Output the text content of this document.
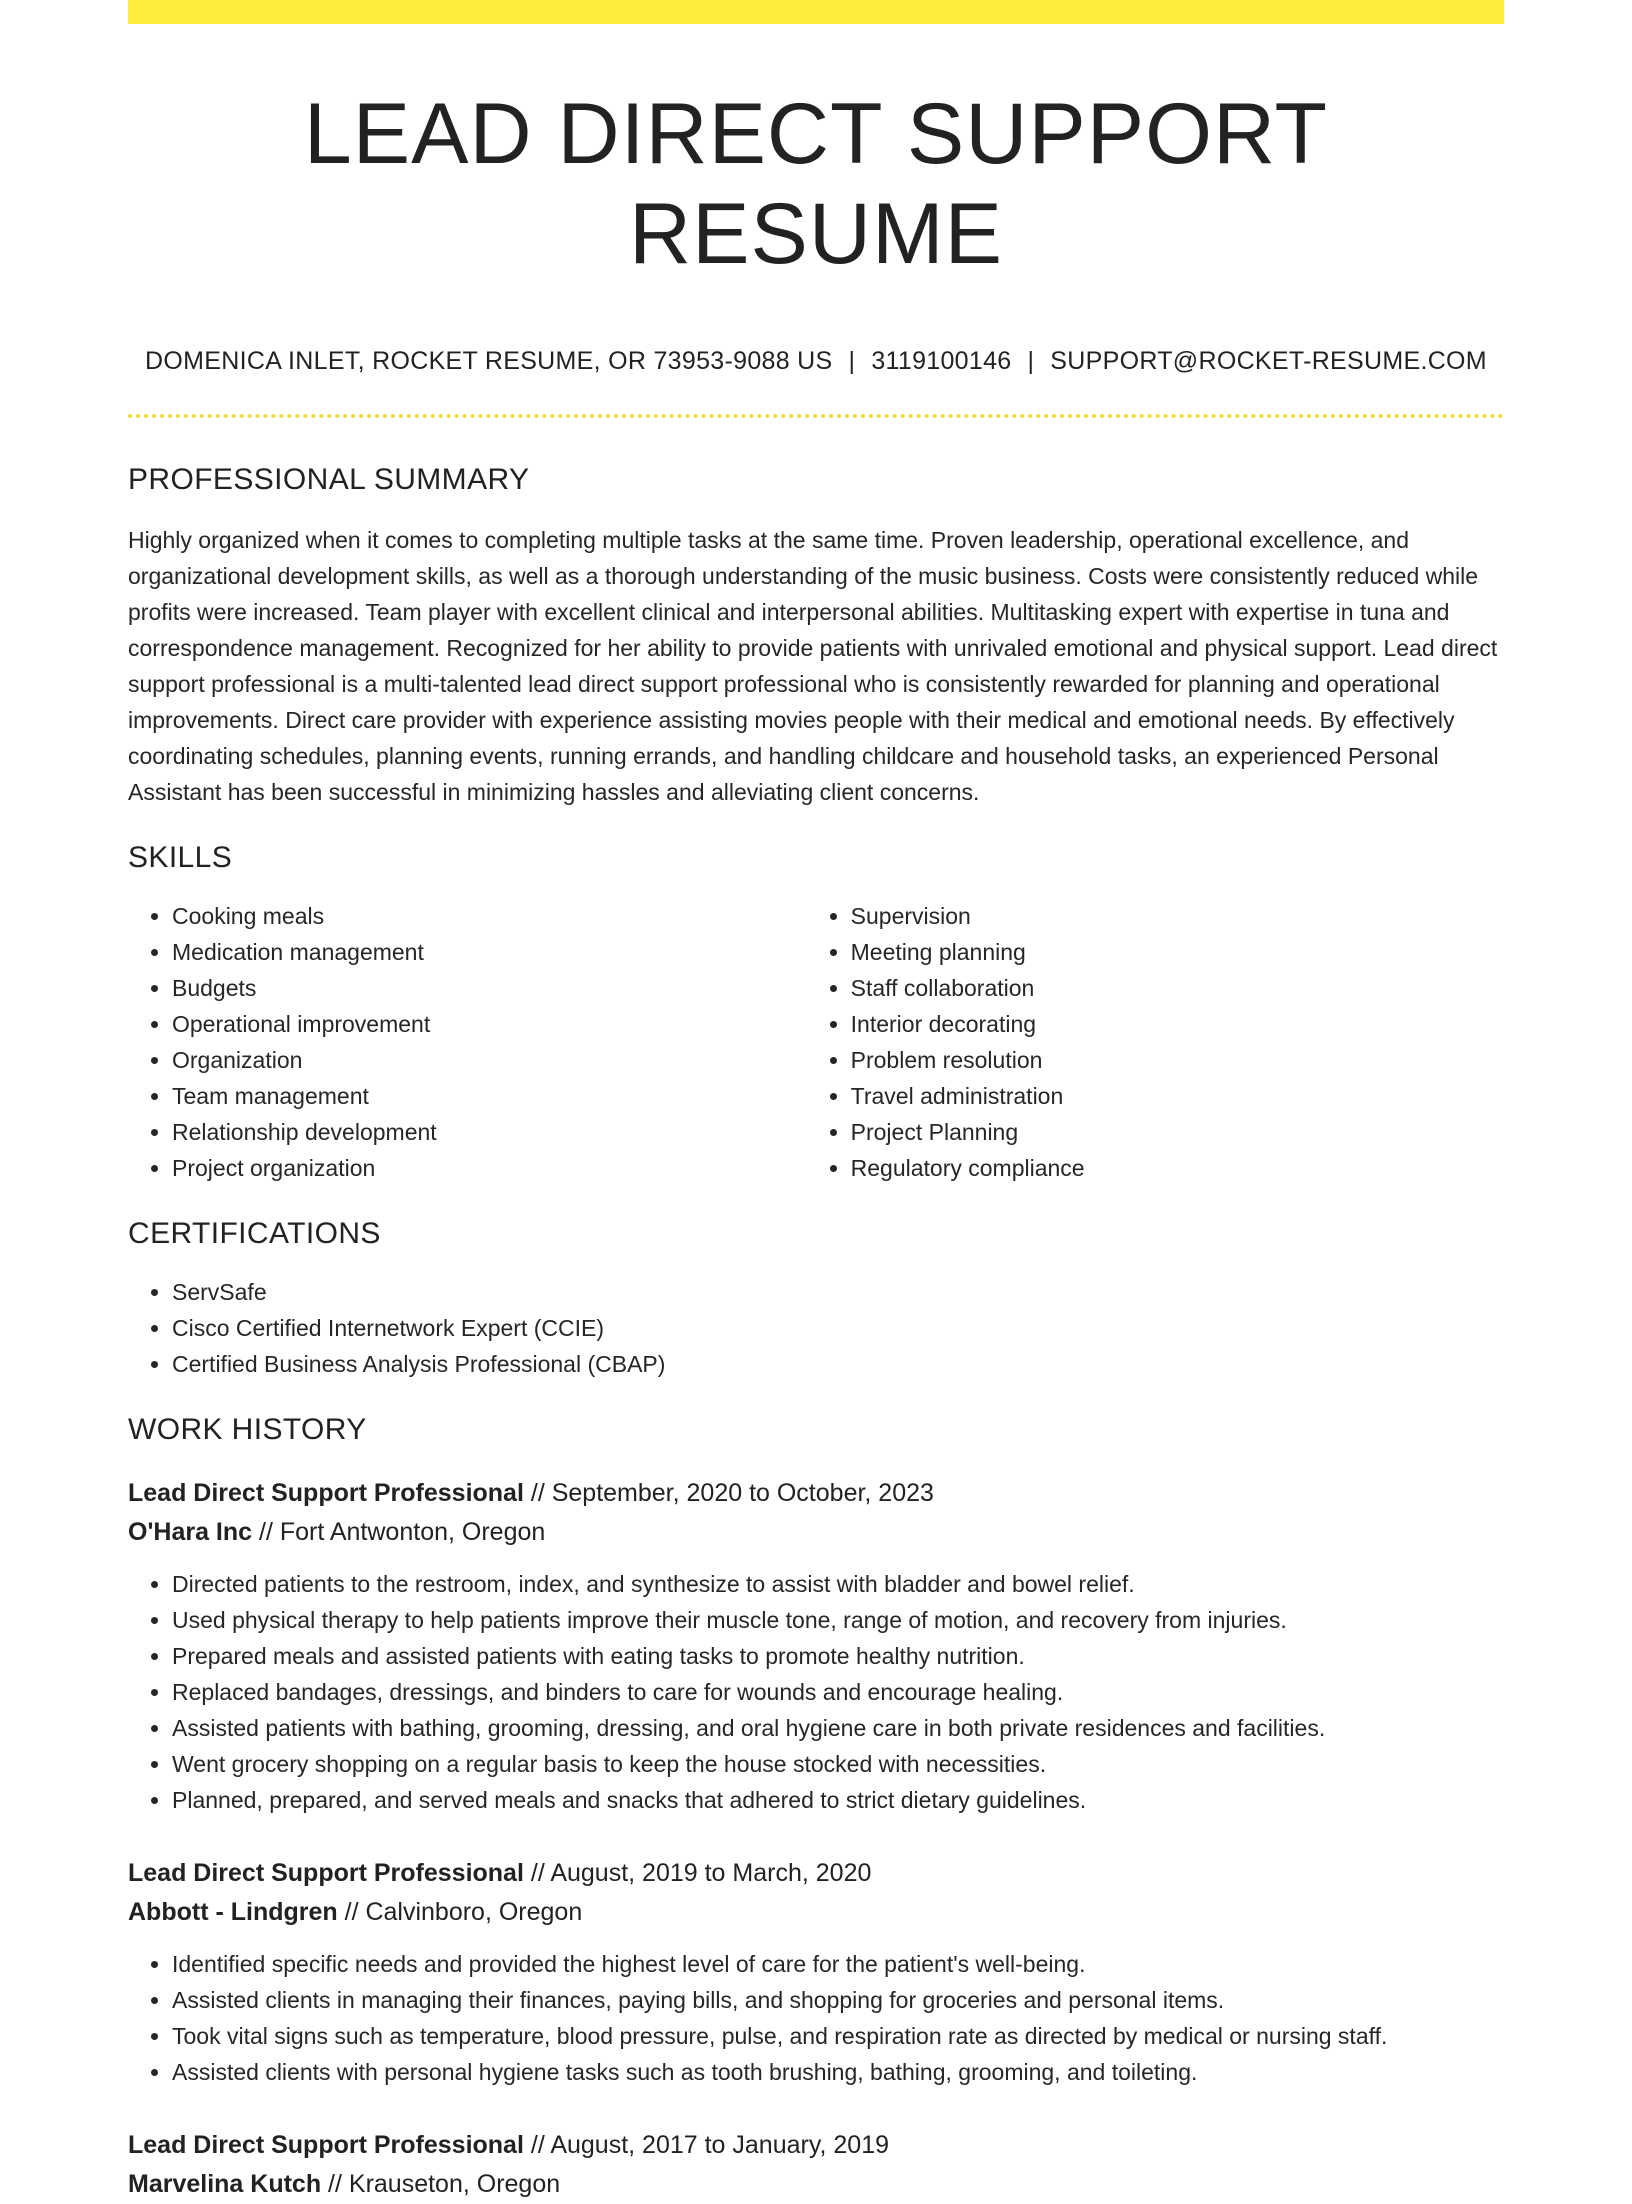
LEAD DIRECT SUPPORT RESUME
DOMENICA INLET, ROCKET RESUME, OR 73953-9088 US | 3119100146 | SUPPORT@ROCKET-RESUME.COM
PROFESSIONAL SUMMARY

Highly organized when it comes to completing multiple tasks at the same time. Proven leadership, operational excellence, and organizational development skills, as well as a thorough understanding of the music business. Costs were consistently reduced while profits were increased. Team player with excellent clinical and interpersonal abilities. Multitasking expert with expertise in tuna and correspondence management. Recognized for her ability to provide patients with unrivaled emotional and physical support. Lead direct support professional is a multi-talented lead direct support professional who is consistently rewarded for planning and operational improvements. Direct care provider with experience assisting movies people with their medical and emotional needs. By effectively coordinating schedules, planning events, running errands, and handling childcare and household tasks, an experienced Personal Assistant has been successful in minimizing hassles and alleviating client concerns.

SKILLS
• Cooking meals
• Medication management
• Budgets
• Operational improvement
• Organization
• Team management
• Relationship development
• Project organization
• Supervision
• Meeting planning
• Staff collaboration
• Interior decorating
• Problem resolution
• Travel administration
• Project Planning
• Regulatory compliance
CERTIFICATIONS
• ServSafe
• Cisco Certified Internetwork Expert (CCIE)
• Certified Business Analysis Professional (CBAP)
WORK HISTORY
Lead Direct Support Professional // September, 2020 to October, 2023
O'Hara Inc // Fort Antwonton, Oregon
• Directed patients to the restroom, index, and synthesize to assist with bladder and bowel relief.
• Used physical therapy to help patients improve their muscle tone, range of motion, and recovery from injuries.
• Prepared meals and assisted patients with eating tasks to promote healthy nutrition.
• Replaced bandages, dressings, and binders to care for wounds and encourage healing.
• Assisted patients with bathing, grooming, dressing, and oral hygiene care in both private residences and facilities.
• Went grocery shopping on a regular basis to keep the house stocked with necessities.
• Planned, prepared, and served meals and snacks that adhered to strict dietary guidelines.
Lead Direct Support Professional // August, 2019 to March, 2020
Abbott - Lindgren // Calvinboro, Oregon
• Identified specific needs and provided the highest level of care for the patient's well-being.
• Assisted clients in managing their finances, paying bills, and shopping for groceries and personal items.
• Took vital signs such as temperature, blood pressure, pulse, and respiration rate as directed by medical or nursing staff.
• Assisted clients with personal hygiene tasks such as tooth brushing, bathing, grooming, and toileting.
Lead Direct Support Professional // August, 2017 to January, 2019
Marvelina Kutch // Krauseton, Oregon
